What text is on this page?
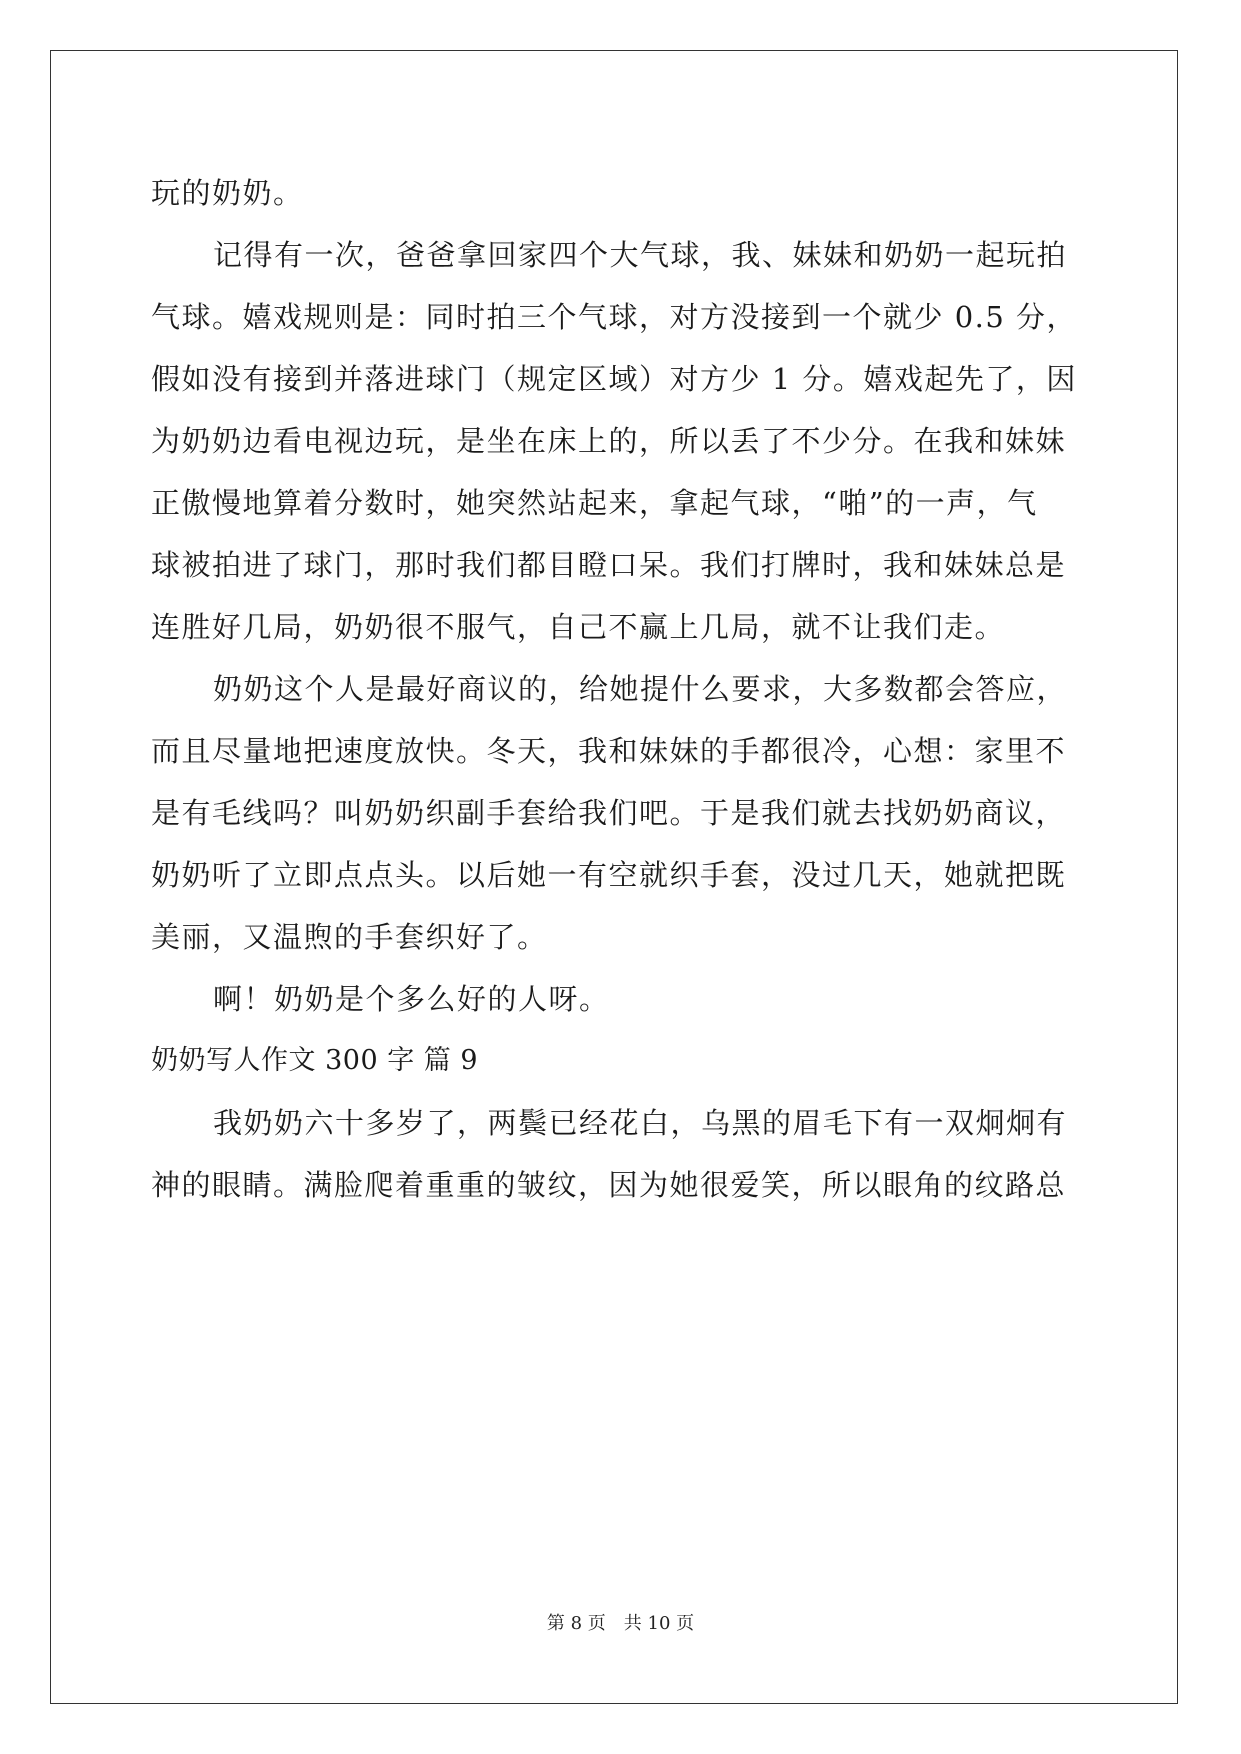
玩的奶奶。
记得有一次，爸爸拿回家四个大气球，我、妹妹和奶奶一起玩拍
气球。嬉戏规则是：同时拍三个气球，对方没接到一个就少 0.5 分，
假如没有接到并落进球门（规定区域）对方少 1 分。嬉戏起先了，因
为奶奶边看电视边玩，是坐在床上的，所以丢了不少分。在我和妹妹
正傲慢地算着分数时，她突然站起来，拿起气球，“啪”的一声，气
球被拍进了球门，那时我们都目瞪口呆。我们打牌时，我和妹妹总是
连胜好几局，奶奶很不服气，自己不赢上几局，就不让我们走。
奶奶这个人是最好商议的，给她提什么要求，大多数都会答应，
而且尽量地把速度放快。冬天，我和妹妹的手都很冷，心想：家里不
是有毛线吗？叫奶奶织副手套给我们吧。于是我们就去找奶奶商议，
奶奶听了立即点点头。以后她一有空就织手套，没过几天，她就把既
美丽，又温煦的手套织好了。
啊！奶奶是个多么好的人呀。
奶奶写人作文 300 字 篇 9
我奶奶六十多岁了，两鬓已经花白，乌黑的眉毛下有一双炯炯有
神的眼睛。满脸爬着重重的皱纹，因为她很爱笑，所以眼角的纹路总
第 8 页 共 10 页
